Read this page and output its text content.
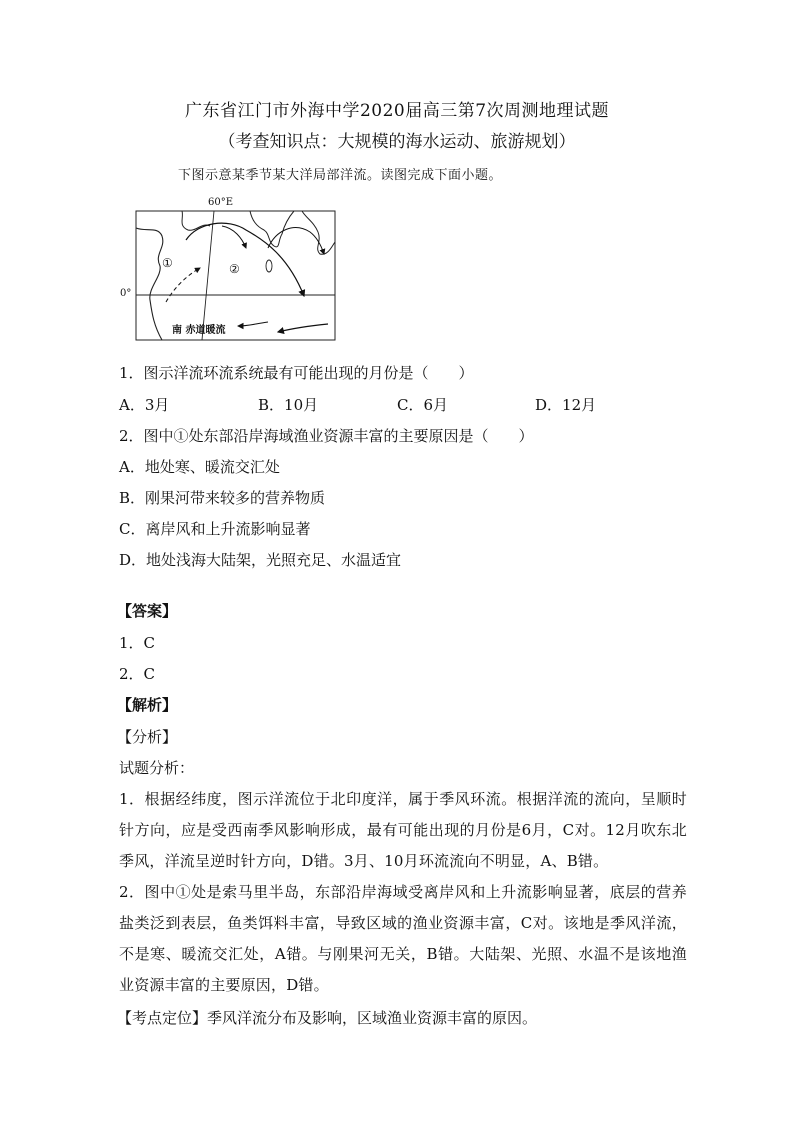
广东省江门市外海中学2020届高三第7次周测地理试题
（考查知识点：大规模的海水运动、旅游规划）
下图示意某季节某大洋局部洋流。读图完成下面小题。
60°E
0°
①	②
南 赤道暖流
1．图示洋流环流系统最有可能出现的月份是（　　）
A．3月	B．10月	C．6月	D．12月
2．图中①处东部沿岸海域渔业资源丰富的主要原因是（　　）
A．地处寒、暖流交汇处
B．刚果河带来较多的营养物质
C．离岸风和上升流影响显著
D．地处浅海大陆架，光照充足、水温适宜
【答案】
1．C
2．C
【解析】
【分析】
试题分析：
1．根据经纬度，图示洋流位于北印度洋，属于季风环流。根据洋流的流向，呈顺时针方向，应是受西南季风影响形成，最有可能出现的月份是6月，C对。12月吹东北季风，洋流呈逆时针方向，D错。3月、10月环流流向不明显，A、B错。
2．图中①处是索马里半岛，东部沿岸海域受离岸风和上升流影响显著，底层的营养盐类泛到表层，鱼类饵料丰富，导致区域的渔业资源丰富，C对。该地是季风洋流，不是寒、暖流交汇处，A错。与刚果河无关，B错。大陆架、光照、水温不是该地渔业资源丰富的主要原因，D错。
【考点定位】季风洋流分布及影响，区域渔业资源丰富的原因。
